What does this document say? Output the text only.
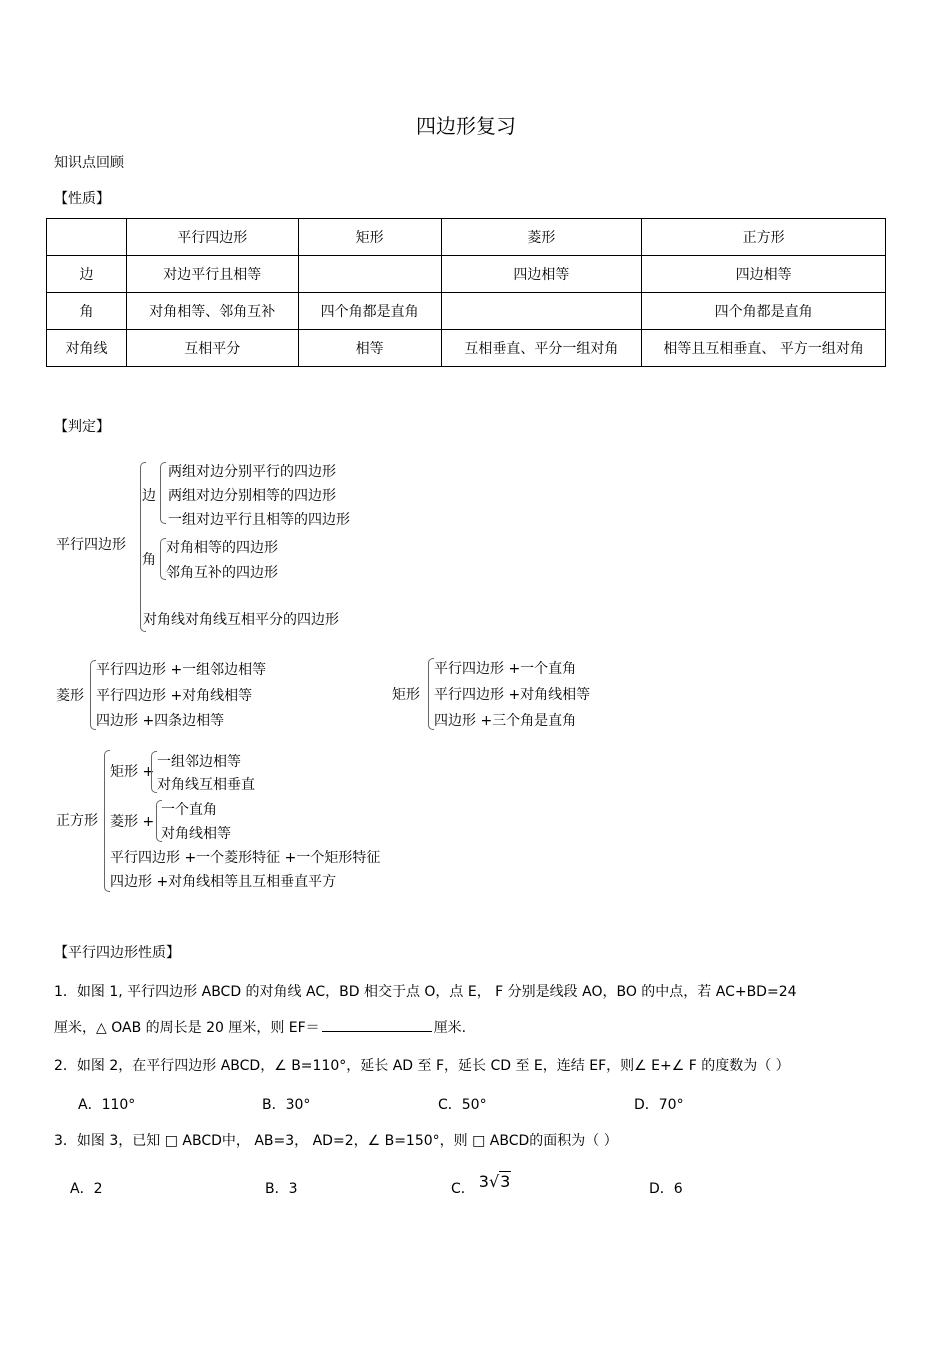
四边形复习
知识点回顾
【性质】
	平行四边形	矩形	菱形	正方形
边	对边平行且相等		四边相等	四边相等
角	对角相等、邻角互补	四个角都是直角		四个角都是直角
对角线	互相平分	相等	互相垂直、平分一组对角	相等且互相垂直、 平方一组对角
【判定】
平行四边形
边
两组对边分别平行的四边形
两组对边分别相等的四边形
一组对边平行且相等的四边形
角
对角相等的四边形
邻角互补的四边形
对角线对角线互相平分的四边形
菱形
平行四边形 +一组邻边相等
平行四边形 +对角线相等
四边形 +四条边相等
矩形
平行四边形 +一个直角
平行四边形 +对角线相等
四边形 +三个角是直角
正方形
矩形 +
一组邻边相等
对角线互相垂直
菱形 +
一个直角
对角线相等
平行四边形 +一个菱形特征 +一个矩形特征
四边形 +对角线相等且互相垂直平方
【平行四边形性质】
1．如图 1, 平行四边形 ABCD 的对角线 AC，BD 相交于点 O，点 E， F 分别是线段 AO，BO 的中点，若 AC+BD=24
厘米，△ OAB 的周长是 20 厘米，则 EF＝	厘米.
2．如图 2，在平行四边形 ABCD，∠ B=110°，延长 AD 至 F，延长 CD 至 E，连结 EF，则∠ E+∠ F 的度数为（ ）
A．110°	B．30°	C．50°	D．70°
3．如图 3，已知 □ ABCD中， AB=3， AD=2，∠ B=150°，则 □ ABCD的面积为（ ）
A．2	B．3	C． 3√3	D．6
